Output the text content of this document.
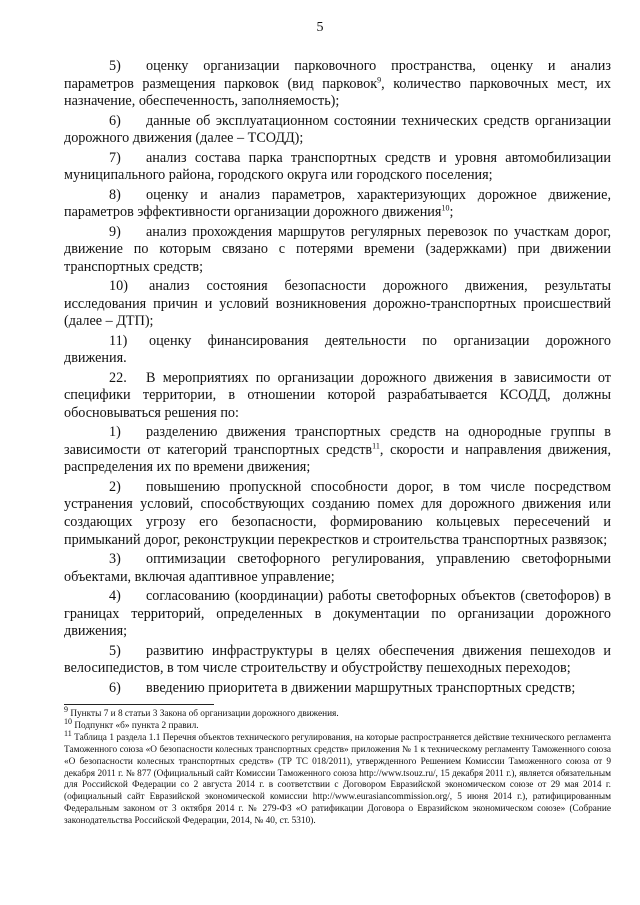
5

5) оценку организации парковочного пространства, оценку и анализ параметров размещения парковок (вид парковок$^9$, количество парковочных мест, их назначение, обеспеченность, заполняемость);

6) данные об эксплуатационном состоянии технических средств организации дорожного движения (далее – ТСОДД);

7) анализ состава парка транспортных средств и уровня автомобилизации муниципального района, городского округа или городского поселения;

8) оценку и анализ параметров, характеризующих дорожное движение, параметров эффективности организации дорожного движения$^{10}$;

9) анализ прохождения маршрутов регулярных перевозок по участкам дорог, движение по которым связано с потерями времени (задержками) при движении транспортных средств;

10) анализ состояния безопасности дорожного движения, результаты исследования причин и условий возникновения дорожно-транспортных происшествий (далее – ДТП);

11) оценку финансирования деятельности по организации дорожного движения.

22. В мероприятиях по организации дорожного движения в зависимости от специфики территории, в отношении которой разрабатывается КСОДД, должны обосновываться решения по:

1) разделению движения транспортных средств на однородные группы в зависимости от категорий транспортных средств$^{11}$, скорости и направления движения, распределения их по времени движения;

2) повышению пропускной способности дорог, в том числе посредством устранения условий, способствующих созданию помех для дорожного движения или создающих угрозу его безопасности, формированию кольцевых пересечений и примыканий дорог, реконструкции перекрестков и строительства транспортных развязок;

3) оптимизации светофорного регулирования, управлению светофорными объектами, включая адаптивное управление;

4) согласованию (координации) работы светофорных объектов (светофоров) в границах территорий, определенных в документации по организации дорожного движения;

5) развитию инфраструктуры в целях обеспечения движения пешеходов и велосипедистов, в том числе строительству и обустройству пешеходных переходов;

6) введению приоритета в движении маршрутных транспортных средств;

$^9$ Пункты 7 и 8 статьи 3 Закона об организации дорожного движения.

$^{10}$ Подпункт «б» пункта 2 правил.

$^{11}$ Таблица 1 раздела 1.1 Перечня объектов технического регулирования, на которые распространяется действие технического регламента Таможенного союза «О безопасности колесных транспортных средств» приложения № 1 к техническому регламенту Таможенного союза «О безопасности колесных транспортных средств» (ТР ТС 018/2011), утвержденного Решением Комиссии Таможенного союза от 9 декабря 2011 г. № 877 (Официальный сайт Комиссии Таможенного союза http://www.tsouz.ru/, 15 декабря 2011 г.), является обязательным для Российской Федерации со 2 августа 2014 г. в соответствии с Договором Евразийской экономическом союзе от 29 мая 2014 г. (официальный сайт Евразийской экономической комиссии http://www.eurasiancommission.org/, 5 июня 2014 г.), ратифицированным Федеральным законом от 3 октября 2014 г. № 279-ФЗ «О ратификации Договора о Евразийском экономическом союзе» (Собрание законодательства Российской Федерации, 2014, № 40, ст. 5310).
